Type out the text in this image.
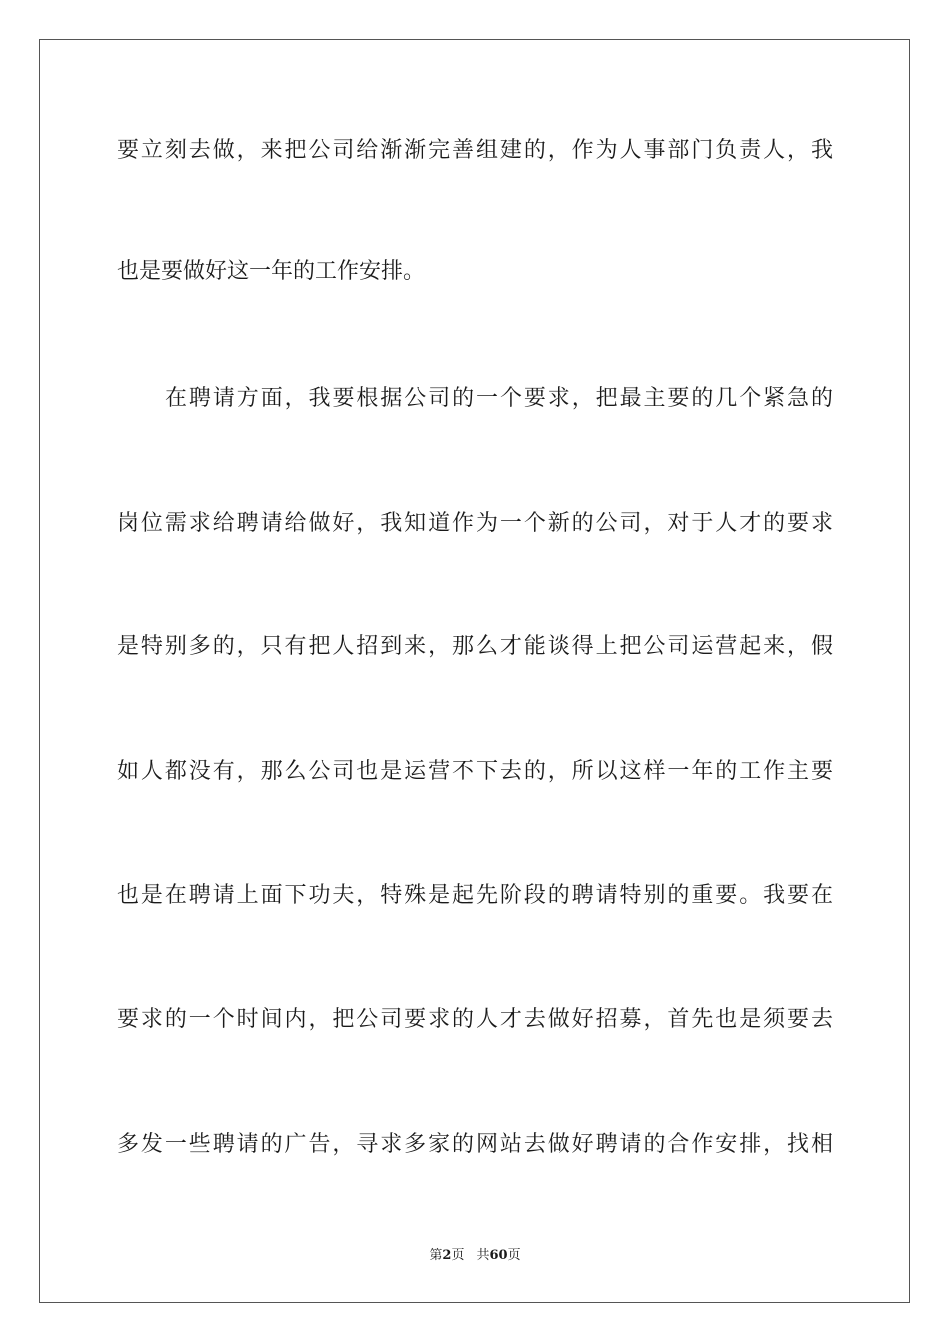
要立刻去做，来把公司给渐渐完善组建的，作为人事部门负责人，我
也是要做好这一年的工作安排。
在聘请方面，我要根据公司的一个要求，把最主要的几个紧急的
岗位需求给聘请给做好，我知道作为一个新的公司，对于人才的要求
是特别多的，只有把人招到来，那么才能谈得上把公司运营起来，假
如人都没有，那么公司也是运营不下去的，所以这样一年的工作主要
也是在聘请上面下功夫，特殊是起先阶段的聘请特别的重要。我要在
要求的一个时间内，把公司要求的人才去做好招募，首先也是须要去
多发一些聘请的广告，寻求多家的网站去做好聘请的合作安排，找相
第2页 共60页
